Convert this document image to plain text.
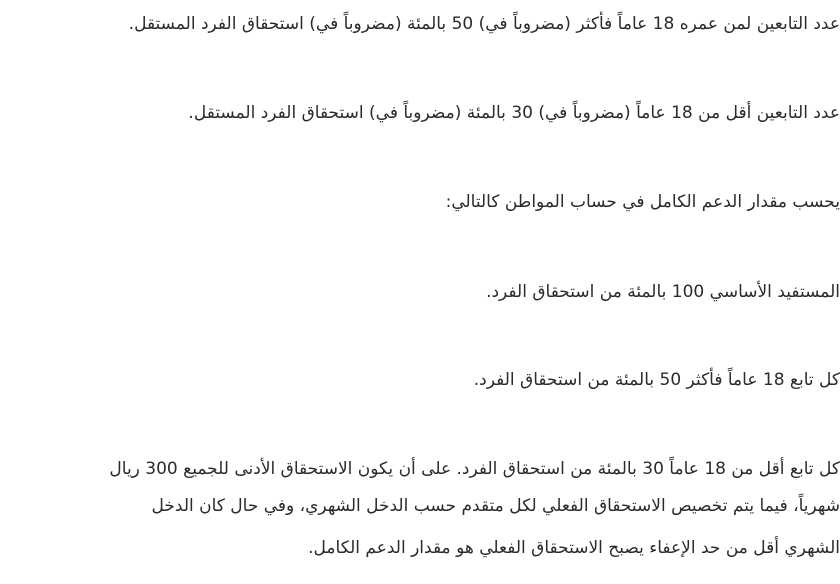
عدد التابعين لمن عمره 18 عاماً فأكثر (مضروباً في) 50 بالمئة (مضروباً في) استحقاق الفرد المستقل.

عدد التابعين أقل من 18 عاماً (مضروباً في) 30 بالمئة (مضروباً في) استحقاق الفرد المستقل.

يحسب مقدار الدعم الكامل في حساب المواطن كالتالي:

المستفيد الأساسي 100 بالمئة من استحقاق الفرد.

كل تابع 18 عاماً فأكثر 50 بالمئة من استحقاق الفرد.

كل تابع أقل من 18 عاماً 30 بالمئة من استحقاق الفرد. على أن يكون الاستحقاق الأدنى للجميع 300 ريال

شهرياً، فيما يتم تخصيص الاستحقاق الفعلي لكل متقدم حسب الدخل الشهري، وفي حال كان الدخل

الشهري أقل من حد الإعفاء يصبح الاستحقاق الفعلي هو مقدار الدعم الكامل.
